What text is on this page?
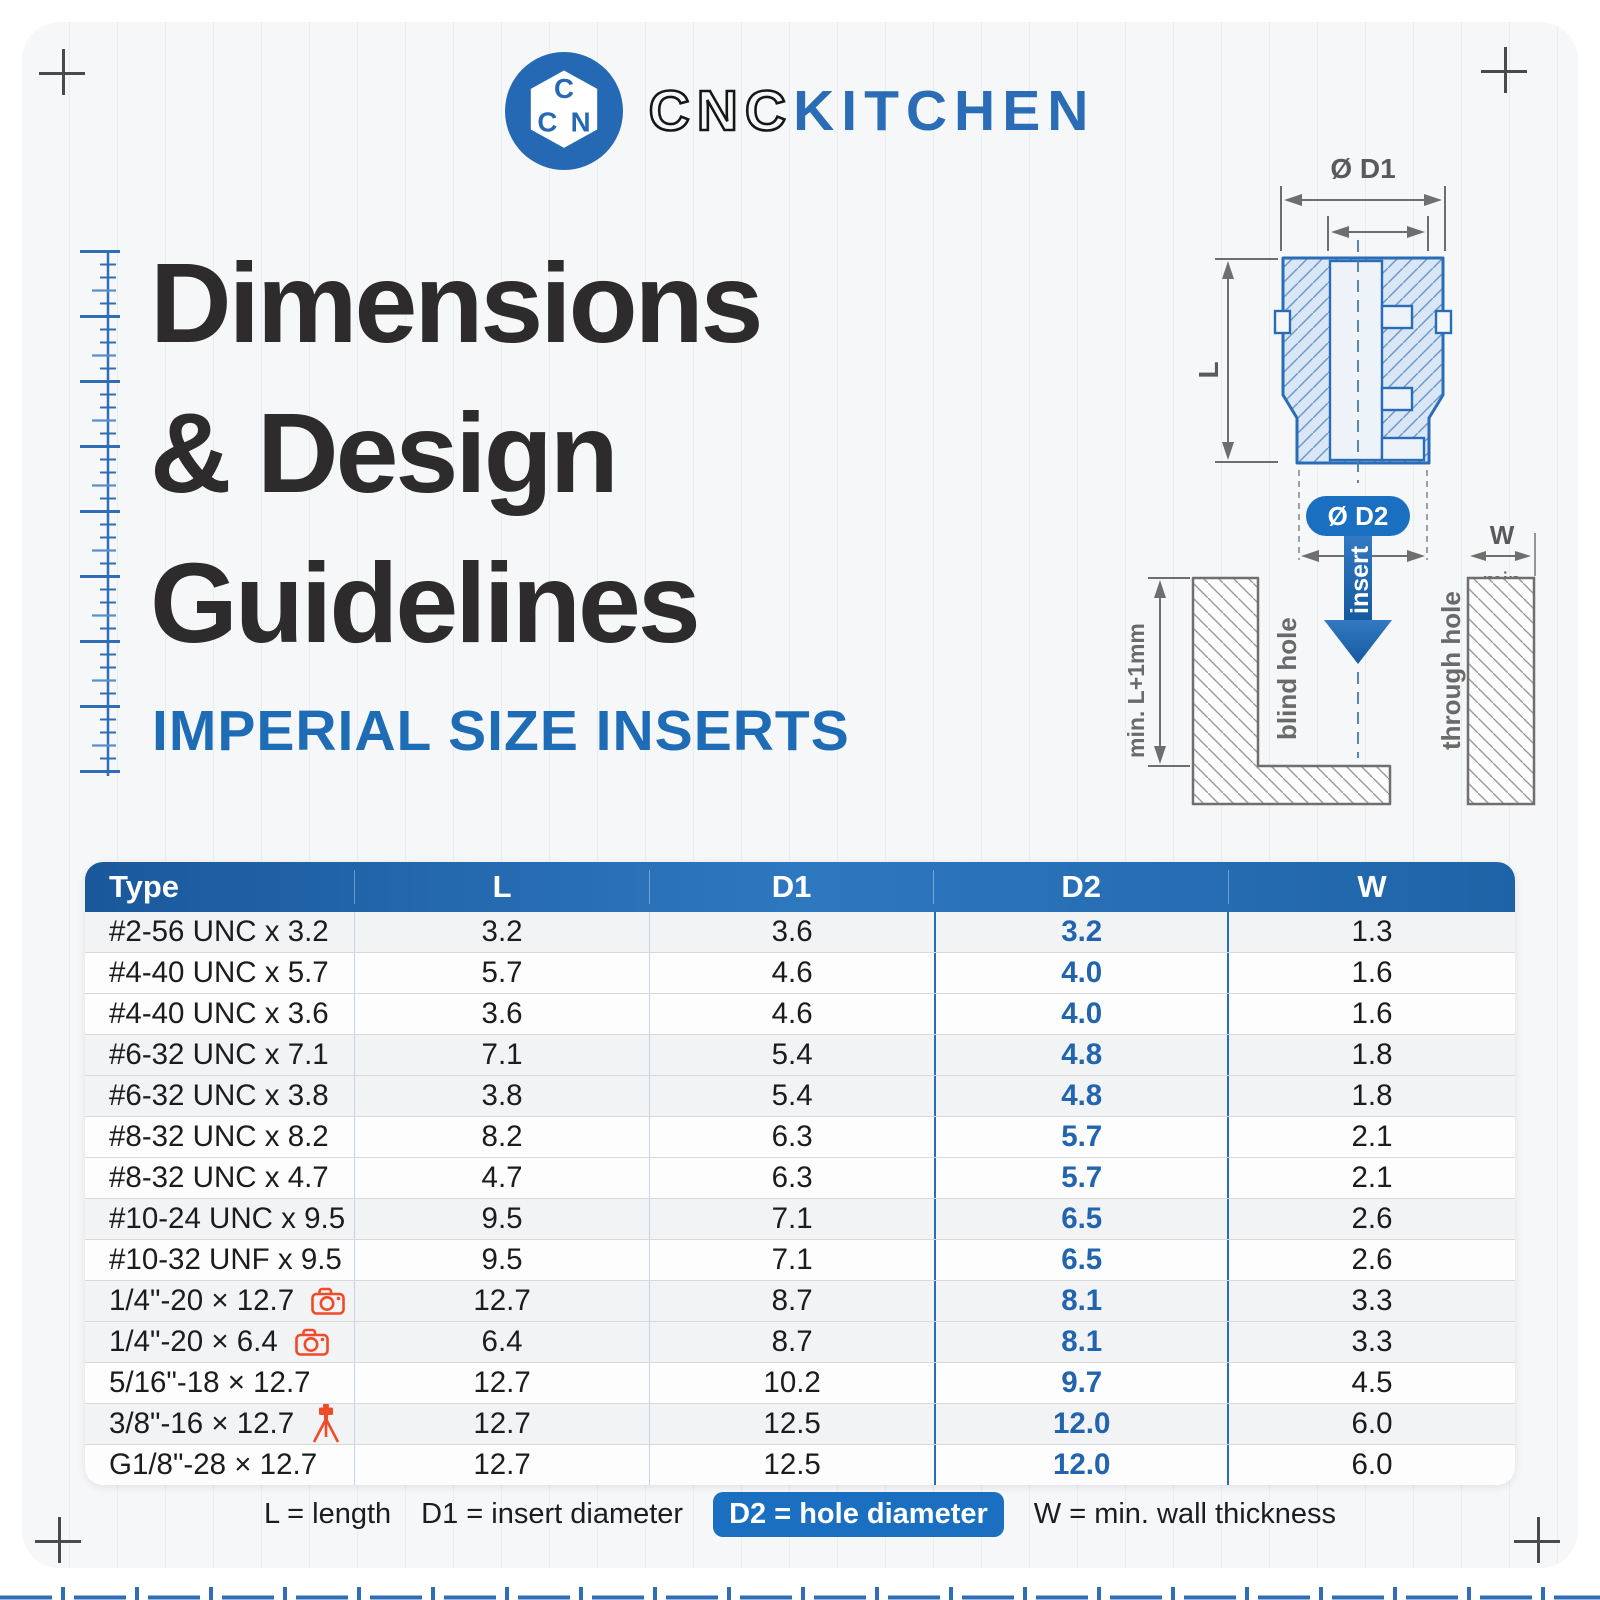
C
C N CNCKITCHEN
Dimensions
& Design
Guidelines
IMPERIAL SIZE INSERTS
Ø D1
L
Ø D2
W
insert
blind hole	through hole
min. L+1mm
Type	L	D1	D2	W
#2-56 UNC x 3.2	3.2	3.6	3.2	1.3
#4-40 UNC x 5.7	5.7	4.6	4.0	1.6
#4-40 UNC x 3.6	3.6	4.6	4.0	1.6
#6-32 UNC x 7.1	7.1	5.4	4.8	1.8
#6-32 UNC x 3.8	3.8	5.4	4.8	1.8
#8-32 UNC x 8.2	8.2	6.3	5.7	2.1
#8-32 UNC x 4.7	4.7	6.3	5.7	2.1
#10-24 UNC x 9.5	9.5	7.1	6.5	2.6
#10-32 UNF x 9.5	9.5	7.1	6.5	2.6
1/4"-20 × 12.7	12.7	8.7	8.1	3.3
1/4"-20 × 6.4	6.4	8.7	8.1	3.3
5/16"-18 × 12.7	12.7	10.2	9.7	4.5
3/8"-16 × 12.7	12.7	12.5	12.0	6.0
G1/8"-28 × 12.7	12.7	12.5	12.0	6.0
L = length D1 = insert diameter	D2 = hole diameter	W = min. wall thickness
